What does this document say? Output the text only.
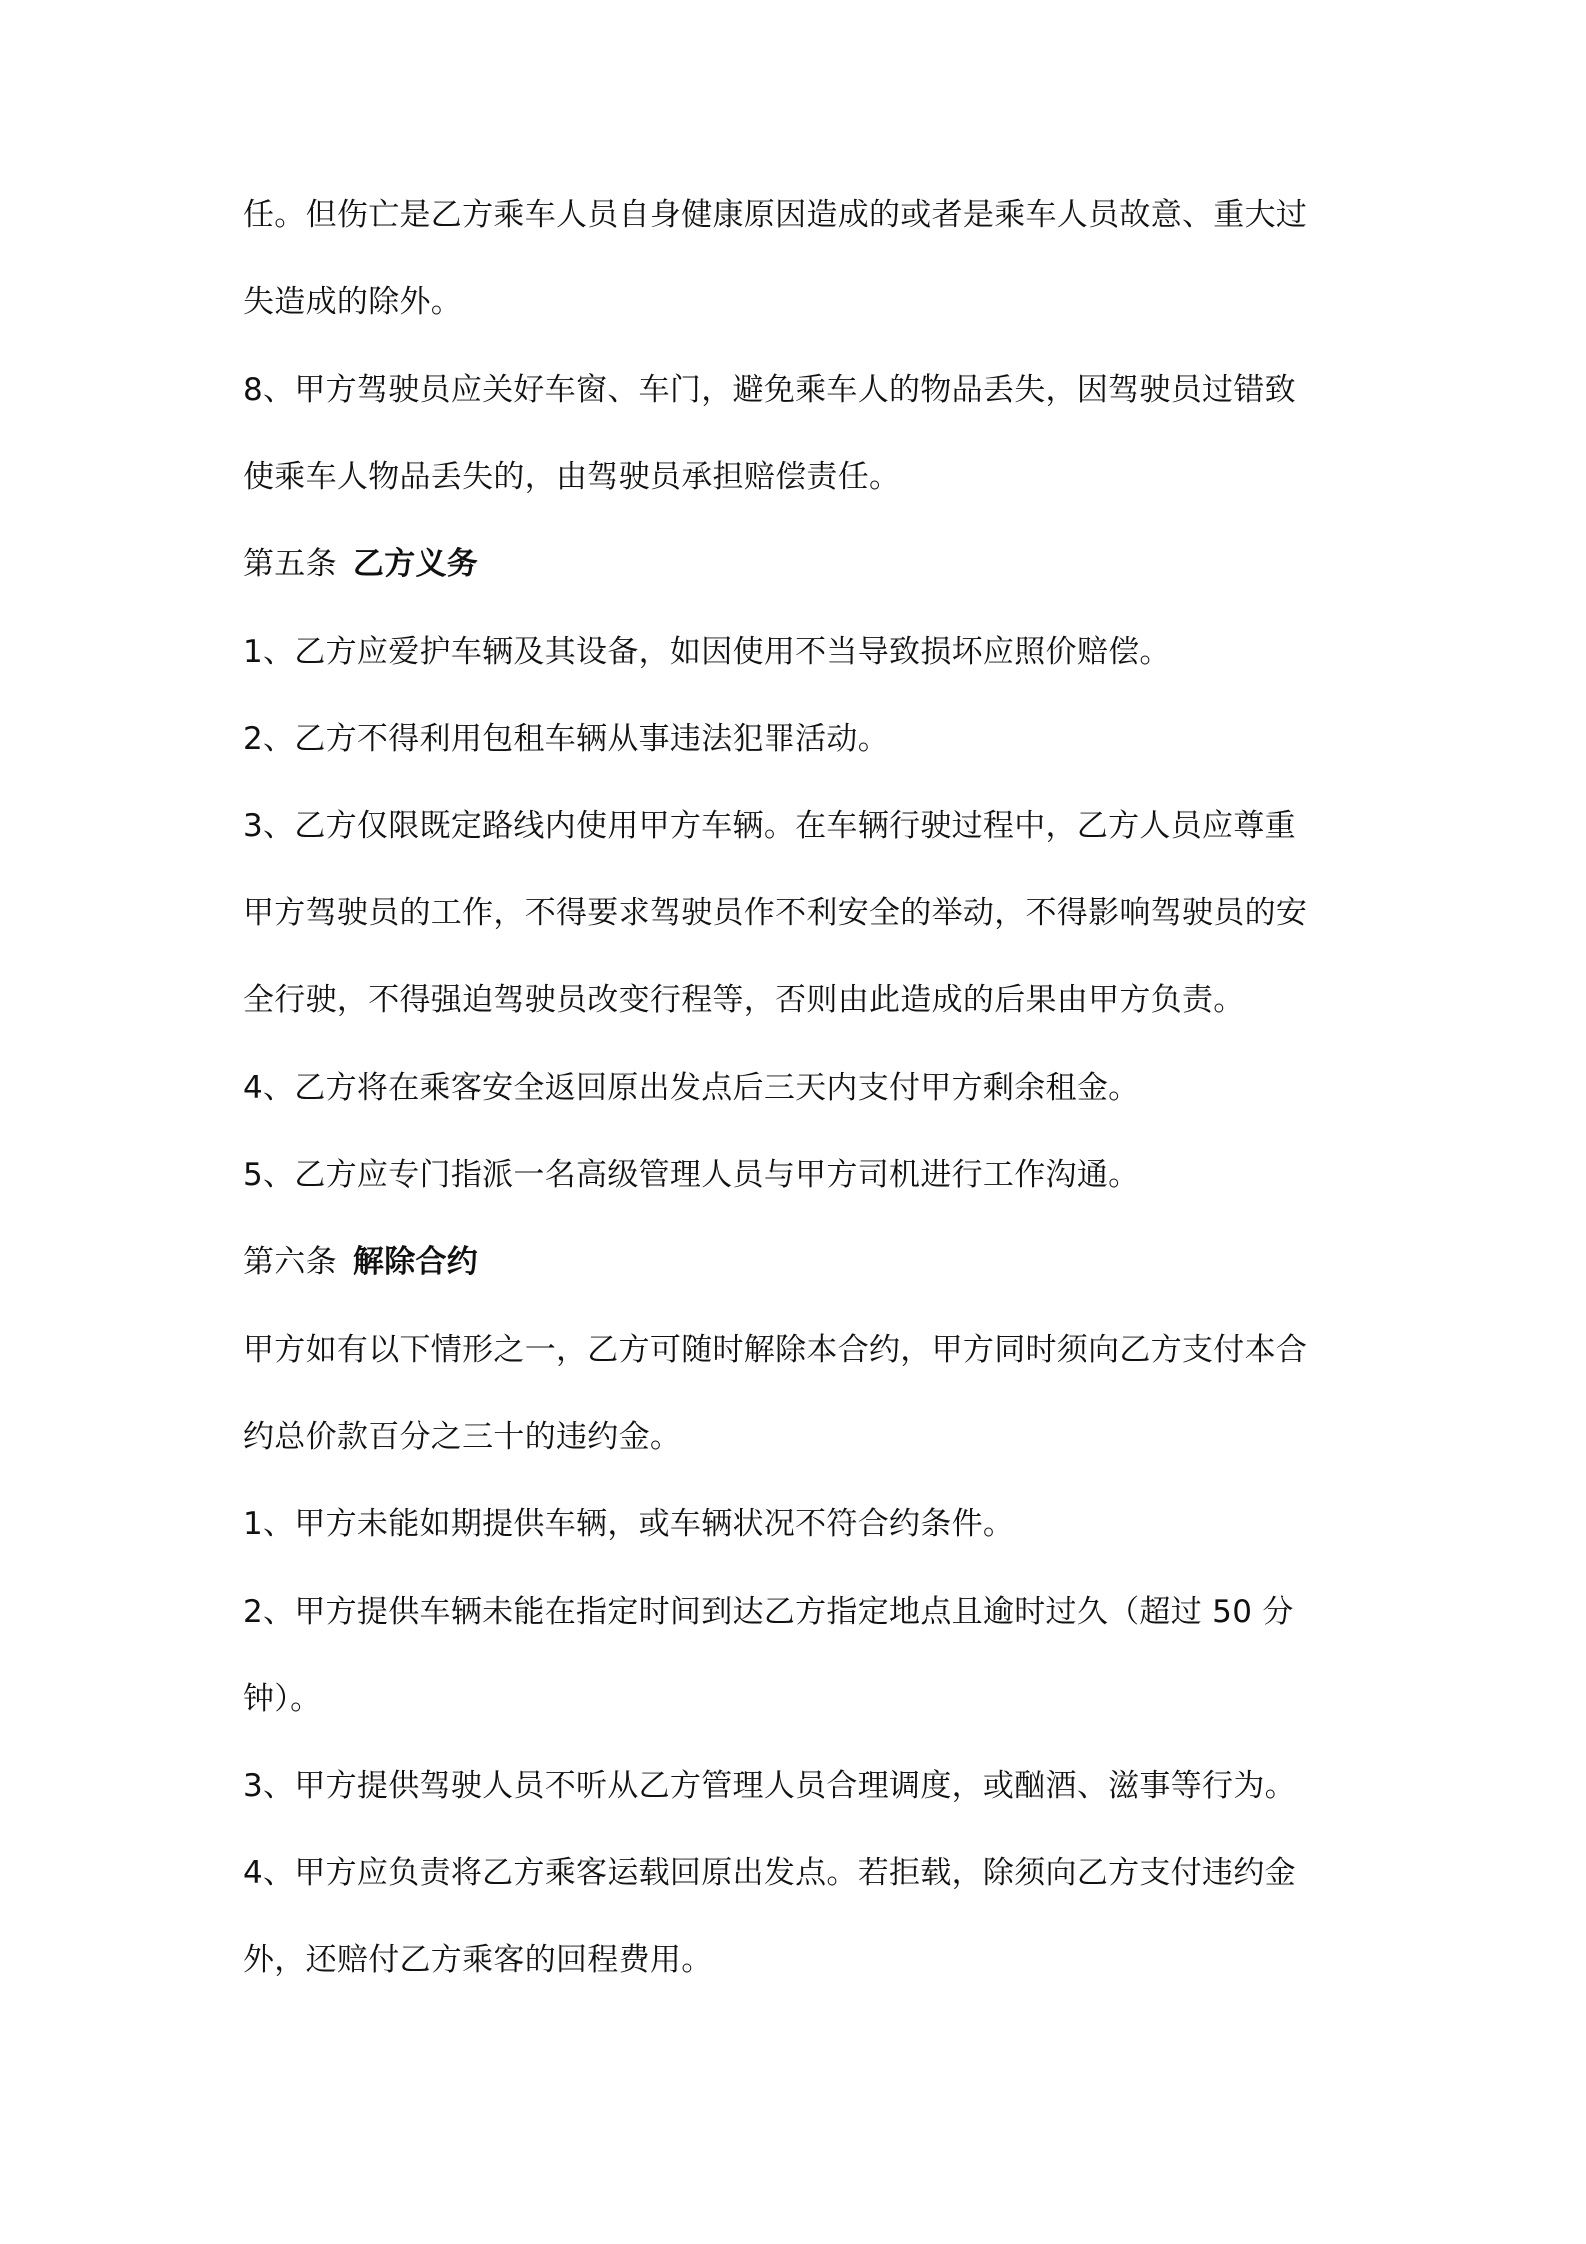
任。但伤亡是乙方乘车人员自身健康原因造成的或者是乘车人员故意、重大过
失造成的除外。
8、甲方驾驶员应关好车窗、车门，避免乘车人的物品丢失，因驾驶员过错致
使乘车人物品丢失的，由驾驶员承担赔偿责任。
第五条 乙方义务
1、乙方应爱护车辆及其设备，如因使用不当导致损坏应照价赔偿。
2、乙方不得利用包租车辆从事违法犯罪活动。
3、乙方仅限既定路线内使用甲方车辆。在车辆行驶过程中，乙方人员应尊重
甲方驾驶员的工作，不得要求驾驶员作不利安全的举动，不得影响驾驶员的安
全行驶，不得强迫驾驶员改变行程等，否则由此造成的后果由甲方负责。
4、乙方将在乘客安全返回原出发点后三天内支付甲方剩余租金。
5、乙方应专门指派一名高级管理人员与甲方司机进行工作沟通。
第六条 解除合约
甲方如有以下情形之一，乙方可随时解除本合约，甲方同时须向乙方支付本合
约总价款百分之三十的违约金。
1、甲方未能如期提供车辆，或车辆状况不符合约条件。
2、甲方提供车辆未能在指定时间到达乙方指定地点且逾时过久（超过 50 分
钟）。
3、甲方提供驾驶人员不听从乙方管理人员合理调度，或酗酒、滋事等行为。
4、甲方应负责将乙方乘客运载回原出发点。若拒载，除须向乙方支付违约金
外，还赔付乙方乘客的回程费用。
